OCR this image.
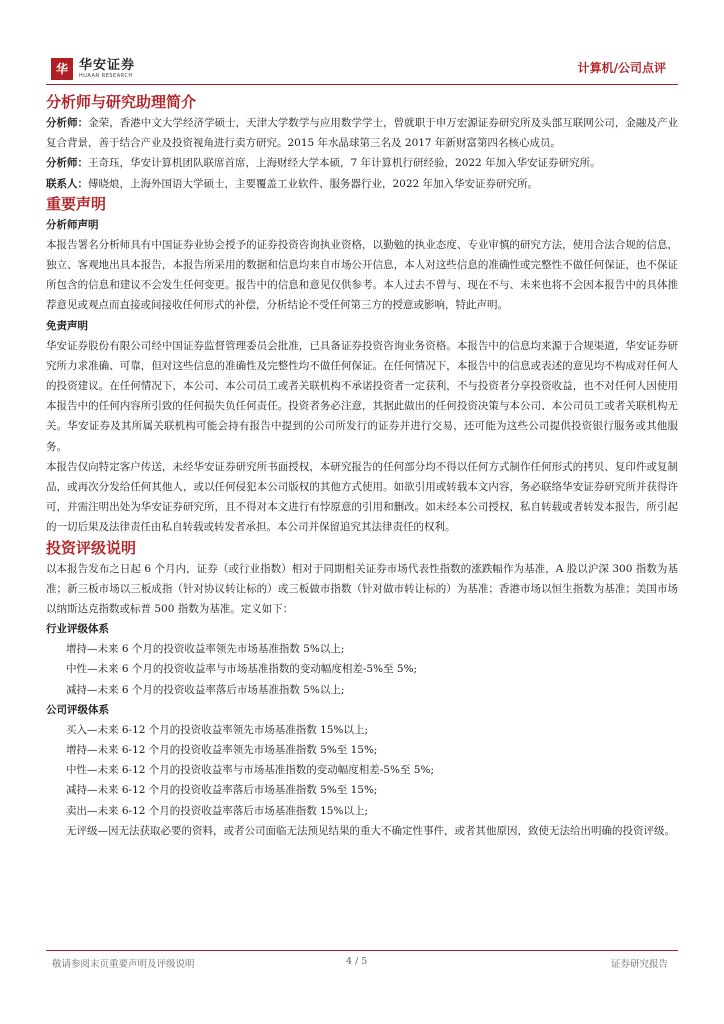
华 华安证券
HUAAN RESEARCH
计算机/公司点评
分析师与研究助理简介

分析师：金荣，香港中文大学经济学硕士，天津大学数学与应用数学学士，曾就职于申万宏源证券研究所及头部互联网公司，金融及产业复合背景，善于结合产业及投资视角进行卖方研究。2015 年水晶球第三名及 2017 年新财富第四名核心成员。

分析师：王奇珏，华安计算机团队联席首席，上海财经大学本硕，7 年计算机行研经验，2022 年加入华安证券研究所。

联系人：傅晓烺，上海外国语大学硕士，主要覆盖工业软件、服务器行业，2022 年加入华安证券研究所。

重要声明
分析师声明

本报告署名分析师具有中国证券业协会授予的证券投资咨询执业资格，以勤勉的执业态度、专业审慎的研究方法，使用合法合规的信息，独立、客观地出具本报告，本报告所采用的数据和信息均来自市场公开信息，本人对这些信息的准确性或完整性不做任何保证，也不保证所包含的信息和建议不会发生任何变更。报告中的信息和意见仅供参考。本人过去不曾与、现在不与、未来也将不会因本报告中的具体推荐意见或观点而直接或间接收任何形式的补偿，分析结论不受任何第三方的授意或影响，特此声明。

免责声明

华安证券股份有限公司经中国证券监督管理委员会批准，已具备证券投资咨询业务资格。本报告中的信息均来源于合规渠道，华安证券研究所力求准确、可靠，但对这些信息的准确性及完整性均不做任何保证。在任何情况下，本报告中的信息或表述的意见均不构成对任何人的投资建议。在任何情况下，本公司、本公司员工或者关联机构不承诺投资者一定获利，不与投资者分享投资收益，也不对任何人因使用本报告中的任何内容所引致的任何损失负任何责任。投资者务必注意，其据此做出的任何投资决策与本公司、本公司员工或者关联机构无关。华安证券及其所属关联机构可能会持有报告中提到的公司所发行的证券并进行交易，还可能为这些公司提供投资银行服务或其他服务。

本报告仅向特定客户传送，未经华安证券研究所书面授权，本研究报告的任何部分均不得以任何方式制作任何形式的拷贝、复印件或复制品，或再次分发给任何其他人，或以任何侵犯本公司版权的其他方式使用。如欲引用或转载本文内容，务必联络华安证券研究所并获得许可，并需注明出处为华安证券研究所，且不得对本文进行有悖原意的引用和删改。如未经本公司授权，私自转载或者转发本报告，所引起的一切后果及法律责任由私自转载或转发者承担。本公司并保留追究其法律责任的权利。

投资评级说明

以本报告发布之日起 6 个月内，证券（或行业指数）相对于同期相关证券市场代表性指数的涨跌幅作为基准，A 股以沪深 300 指数为基准；新三板市场以三板成指（针对协议转让标的）或三板做市指数（针对做市转让标的）为基准；香港市场以恒生指数为基准；美国市场以纳斯达克指数或标普 500 指数为基准。定义如下：

行业评级体系

增持—未来 6 个月的投资收益率领先市场基准指数 5%以上;

中性—未来 6 个月的投资收益率与市场基准指数的变动幅度相差-5%至 5%;

减持—未来 6 个月的投资收益率落后市场基准指数 5%以上;

公司评级体系

买入—未来 6-12 个月的投资收益率领先市场基准指数 15%以上;

增持—未来 6-12 个月的投资收益率领先市场基准指数 5%至 15%;

中性—未来 6-12 个月的投资收益率与市场基准指数的变动幅度相差-5%至 5%;

减持—未来 6-12 个月的投资收益率落后市场基准指数 5%至 15%;

卖出—未来 6-12 个月的投资收益率落后市场基准指数 15%以上;

无评级—因无法获取必要的资料，或者公司面临无法预见结果的重大不确定性事件，或者其他原因，致使无法给出明确的投资评级。

敬请参阅末页重要声明及评级说明	4 / 5	证券研究报告
